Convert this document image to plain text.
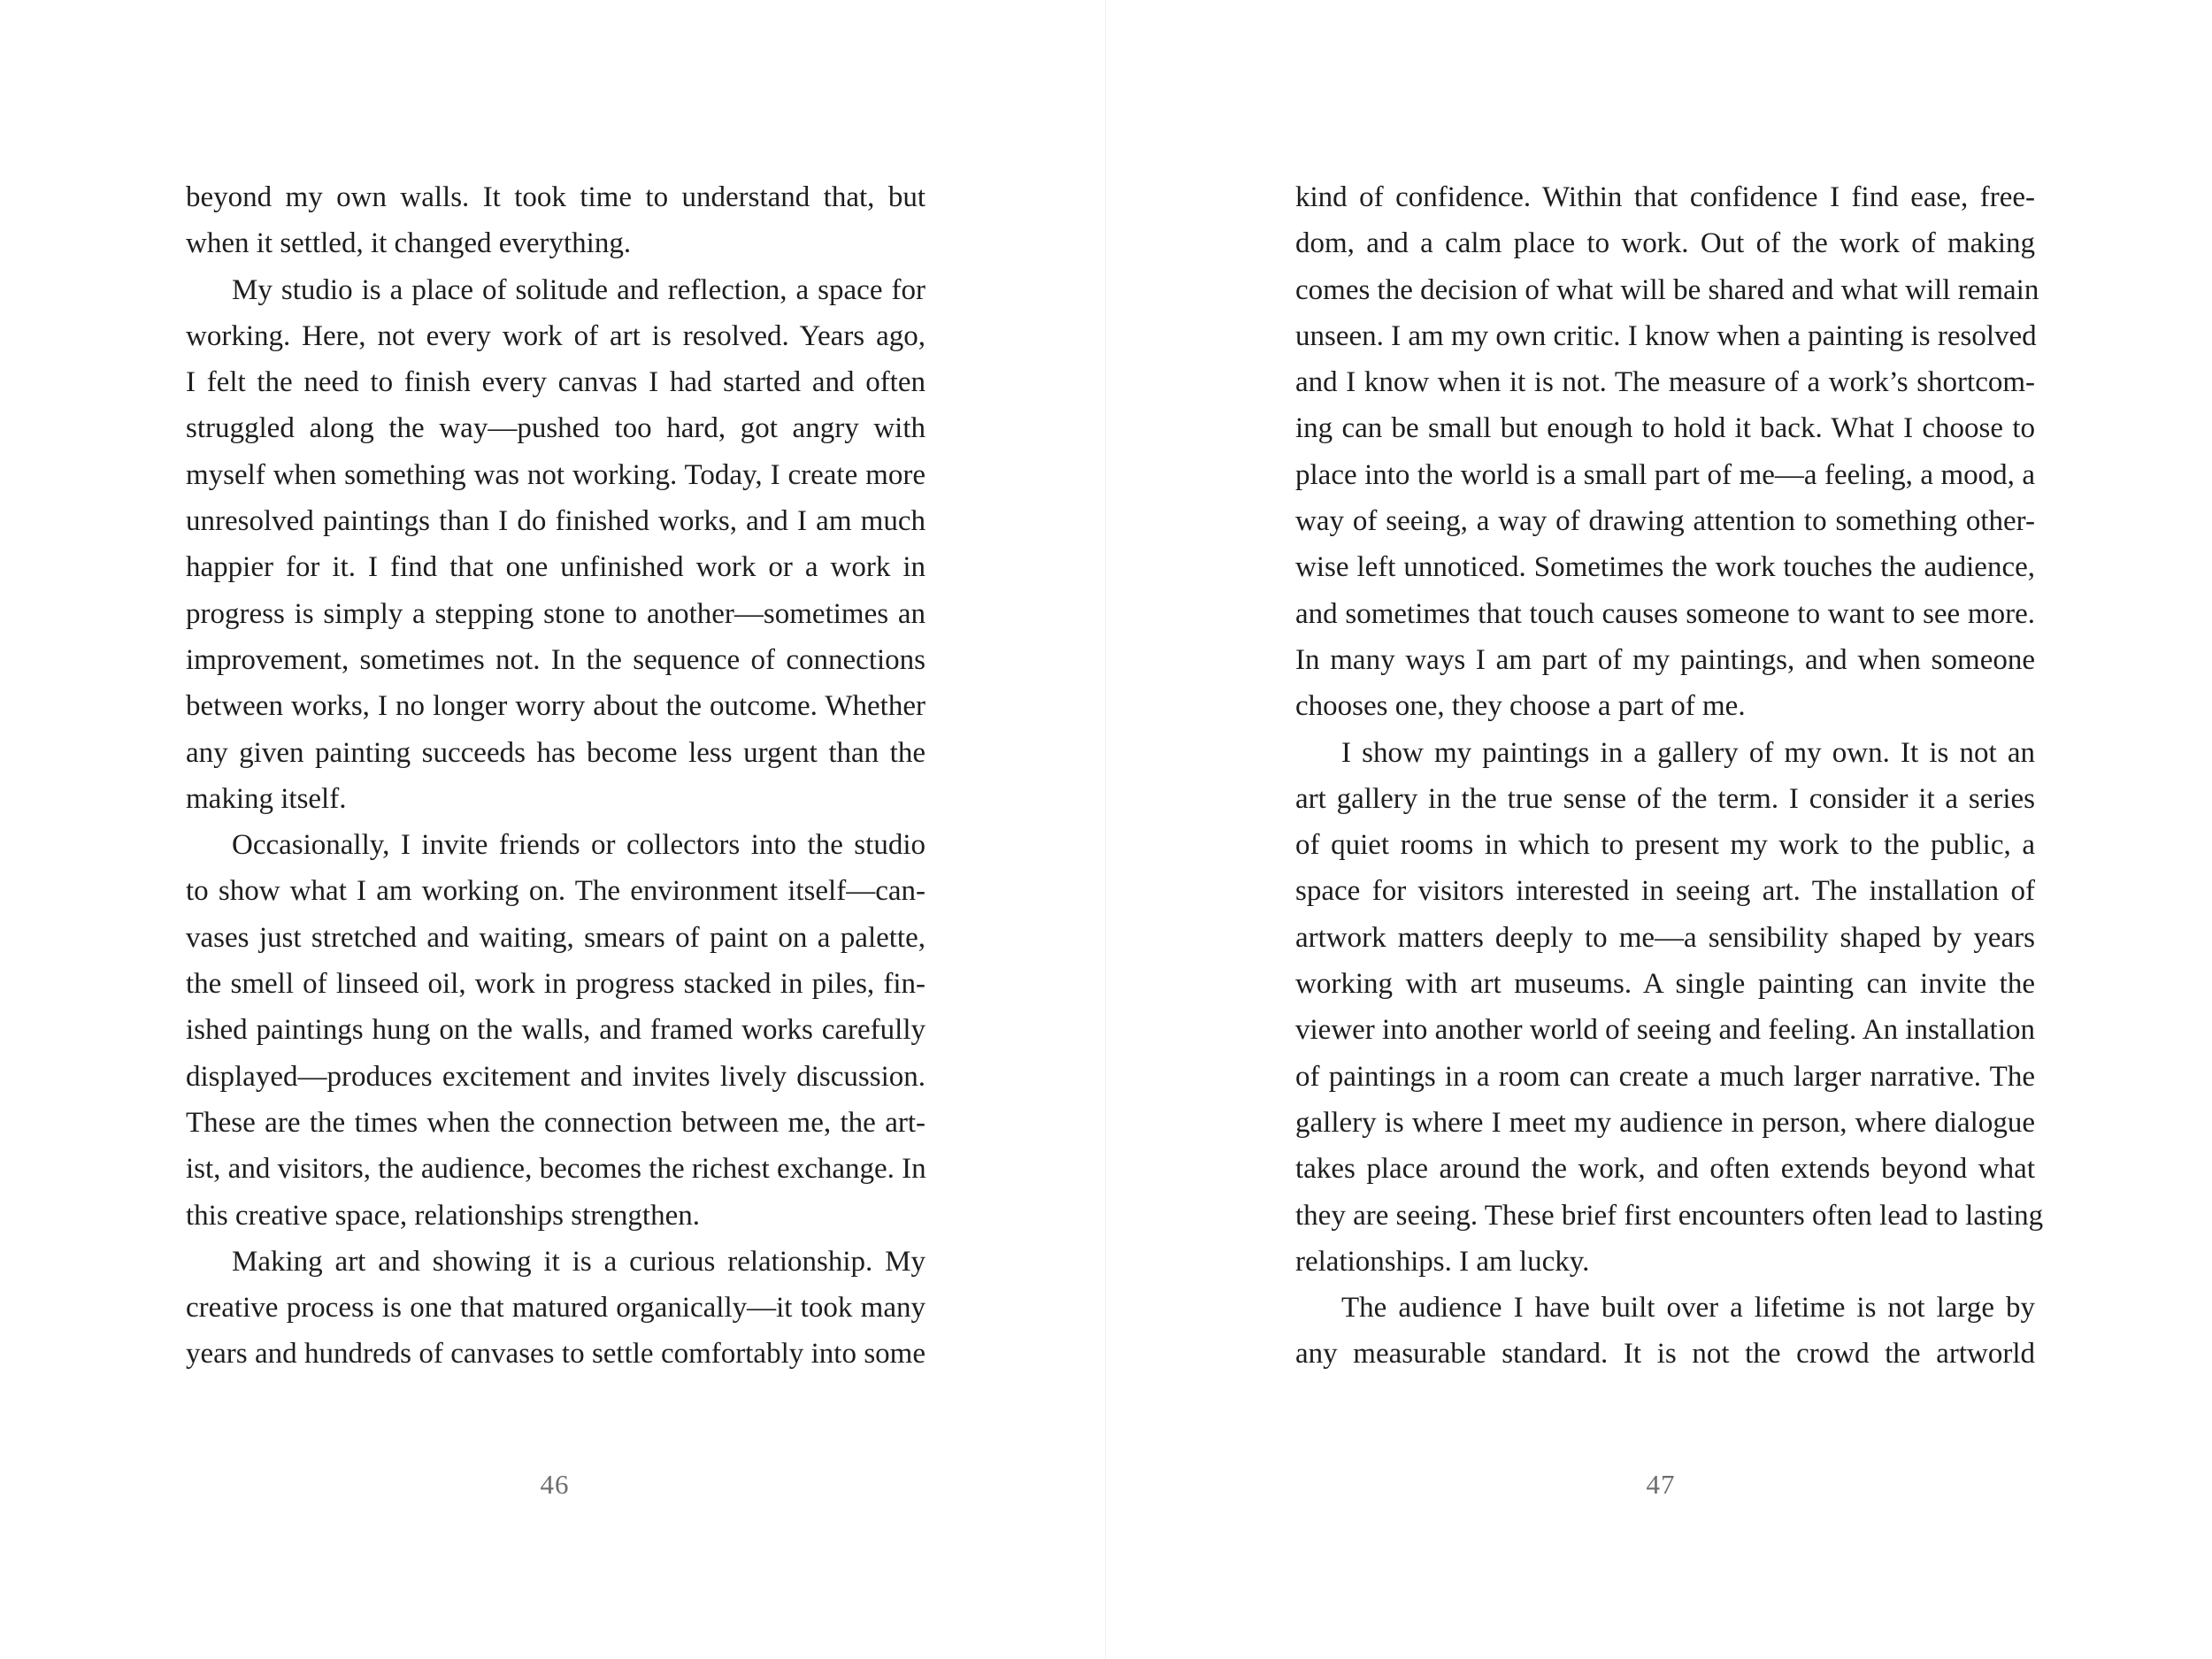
beyond my own walls. It took time to understand that, but
when it settled, it changed everything.
My studio is a place of solitude and reflection, a space for
working. Here, not every work of art is resolved. Years ago,
I felt the need to finish every canvas I had started and often
struggled along the way—pushed too hard, got angry with
myself when something was not working. Today, I create more
unresolved paintings than I do finished works, and I am much
happier for it. I find that one unfinished work or a work in
progress is simply a stepping stone to another—sometimes an
improvement, sometimes not. In the sequence of connections
between works, I no longer worry about the outcome. Whether
any given painting succeeds has become less urgent than the
making itself.
Occasionally, I invite friends or collectors into the studio
to show what I am working on. The environment itself—can-
vases just stretched and waiting, smears of paint on a palette,
the smell of linseed oil, work in progress stacked in piles, fin-
ished paintings hung on the walls, and framed works carefully
displayed—produces excitement and invites lively discussion.
These are the times when the connection between me, the art-
ist, and visitors, the audience, becomes the richest exchange. In
this creative space, relationships strengthen.
Making art and showing it is a curious relationship. My
creative process is one that matured organically—it took many
years and hundreds of canvases to settle comfortably into some
46
kind of confidence. Within that confidence I find ease, free-
dom, and a calm place to work. Out of the work of making
comes the decision of what will be shared and what will remain
unseen. I am my own critic. I know when a painting is resolved
and I know when it is not. The measure of a work’s shortcom-
ing can be small but enough to hold it back. What I choose to
place into the world is a small part of me—a feeling, a mood, a
way of seeing, a way of drawing attention to something other-
wise left unnoticed. Sometimes the work touches the audience,
and sometimes that touch causes someone to want to see more.
In many ways I am part of my paintings, and when someone
chooses one, they choose a part of me.
I show my paintings in a gallery of my own. It is not an
art gallery in the true sense of the term. I consider it a series
of quiet rooms in which to present my work to the public, a
space for visitors interested in seeing art. The installation of
artwork matters deeply to me—a sensibility shaped by years
working with art museums. A single painting can invite the
viewer into another world of seeing and feeling. An installation
of paintings in a room can create a much larger narrative. The
gallery is where I meet my audience in person, where dialogue
takes place around the work, and often extends beyond what
they are seeing. These brief first encounters often lead to lasting
relationships. I am lucky.
The audience I have built over a lifetime is not large by
any measurable standard. It is not the crowd the artworld
47
